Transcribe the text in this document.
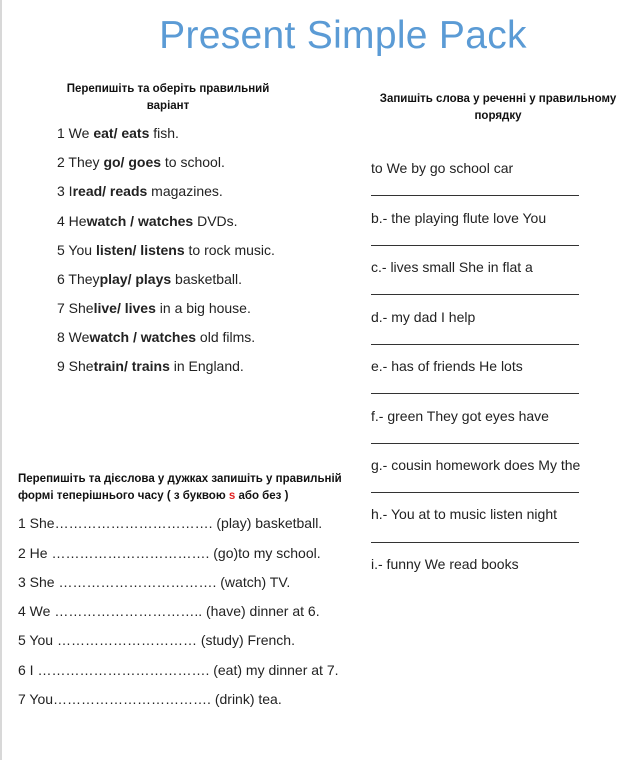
Present Simple Pack
Перепишіть та оберіть правильний
варіант
1 We eat/ eats fish.
2 They go/ goes to school.
3 Iread/ reads magazines.
4 Hewatch / watches DVDs.
5 You listen/ listens to rock music.
6 Theyplay/ plays basketball.
7 Shelive/ lives in a big house.
8 Wewatch / watches old films.
9 Shetrain/ trains in England.
Запишіть слова у реченні у правильному
порядку
to We by go school car
b.- the playing flute love You
c.- lives small She in flat a
d.- my dad I help
e.- has of friends He lots
f.- green They got eyes have
g.- cousin homework does My the
h.- You at to music listen night
i.- funny We read books
Перепишіть та дієслова у дужках запишіть у правильній
формі теперішнього часу ( з буквою s або без )
1 She……………………………. (play) basketball.
2 He ……………………………. (go)to my school.
3 She ……………………………. (watch) TV.
4 We ………………………….. (have) dinner at 6.
5 You ………………………… (study) French.
6 I ………………………………. (eat) my dinner at 7.
7 You……………………………. (drink) tea.
